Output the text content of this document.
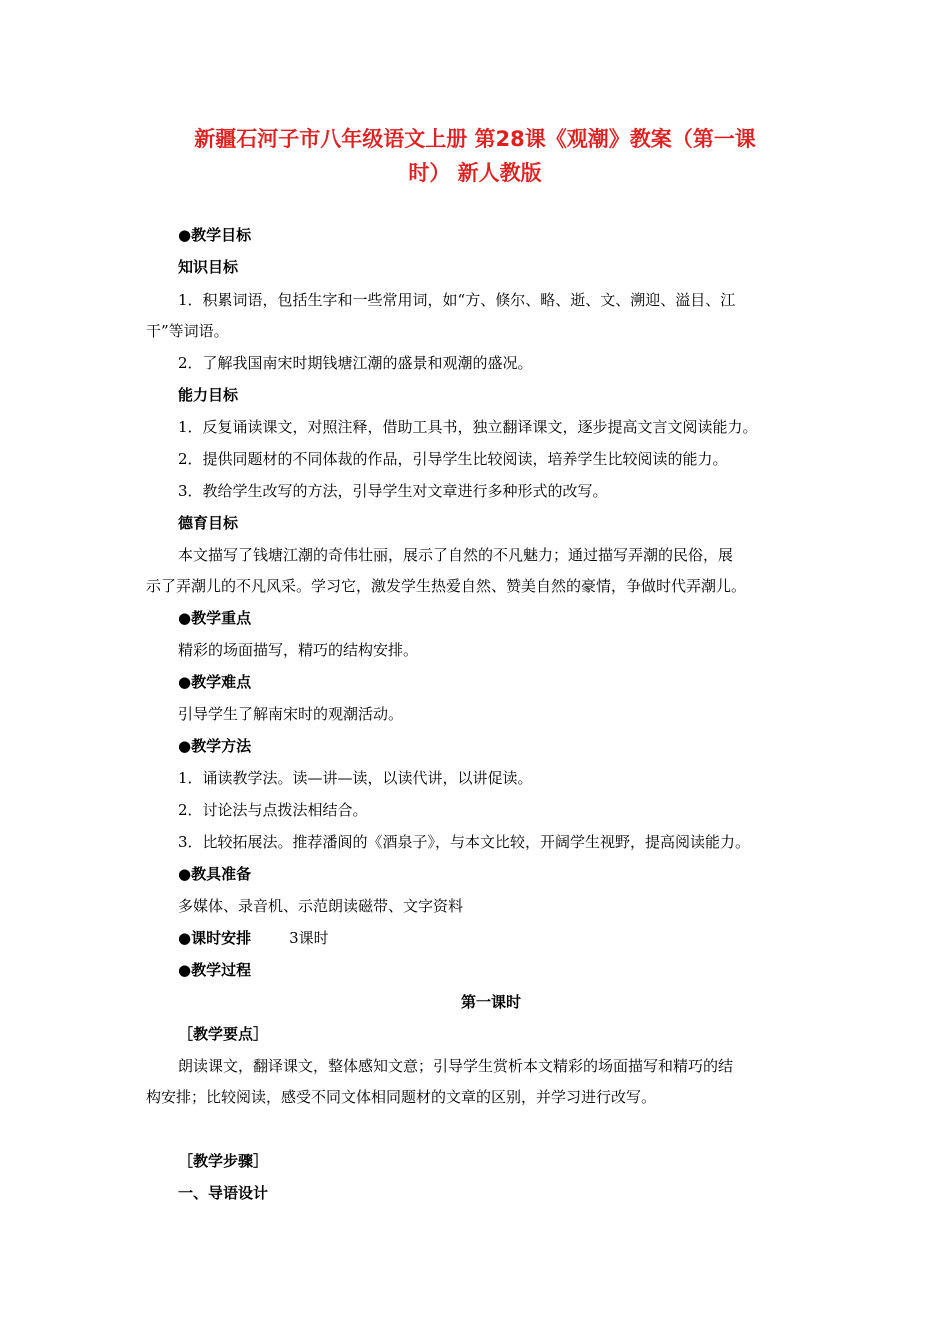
新疆石河子市八年级语文上册 第28课《观潮》教案（第一课
时） 新人教版
●教学目标
知识目标
1．积累词语，包括生字和一些常用词，如“方、倏尔、略、逝、文、溯迎、溢目、江
干”等词语。
2．了解我国南宋时期钱塘江潮的盛景和观潮的盛况。
能力目标
1．反复诵读课文，对照注释，借助工具书，独立翻译课文，逐步提高文言文阅读能力。
2．提供同题材的不同体裁的作品，引导学生比较阅读，培养学生比较阅读的能力。
3．教给学生改写的方法，引导学生对文章进行多种形式的改写。
德育目标
本文描写了钱塘江潮的奇伟壮丽，展示了自然的不凡魅力；通过描写弄潮的民俗，展
示了弄潮儿的不凡风采。学习它，激发学生热爱自然、赞美自然的豪情，争做时代弄潮儿。
●教学重点
精彩的场面描写，精巧的结构安排。
●教学难点
引导学生了解南宋时的观潮活动。
●教学方法
1．诵读教学法。读—讲—读，以读代讲，以讲促读。
2．讨论法与点拨法相结合。
3．比较拓展法。推荐潘阆的《酒泉子》，与本文比较，开阔学生视野，提高阅读能力。
●教具准备
多媒体、录音机、示范朗读磁带、文字资料
●课时安排	3课时
●教学过程
第一课时
［教学要点］
朗读课文，翻译课文，整体感知文意；引导学生赏析本文精彩的场面描写和精巧的结
构安排；比较阅读，感受不同文体相同题材的文章的区别，并学习进行改写。
［教学步骤］
一、导语设计
